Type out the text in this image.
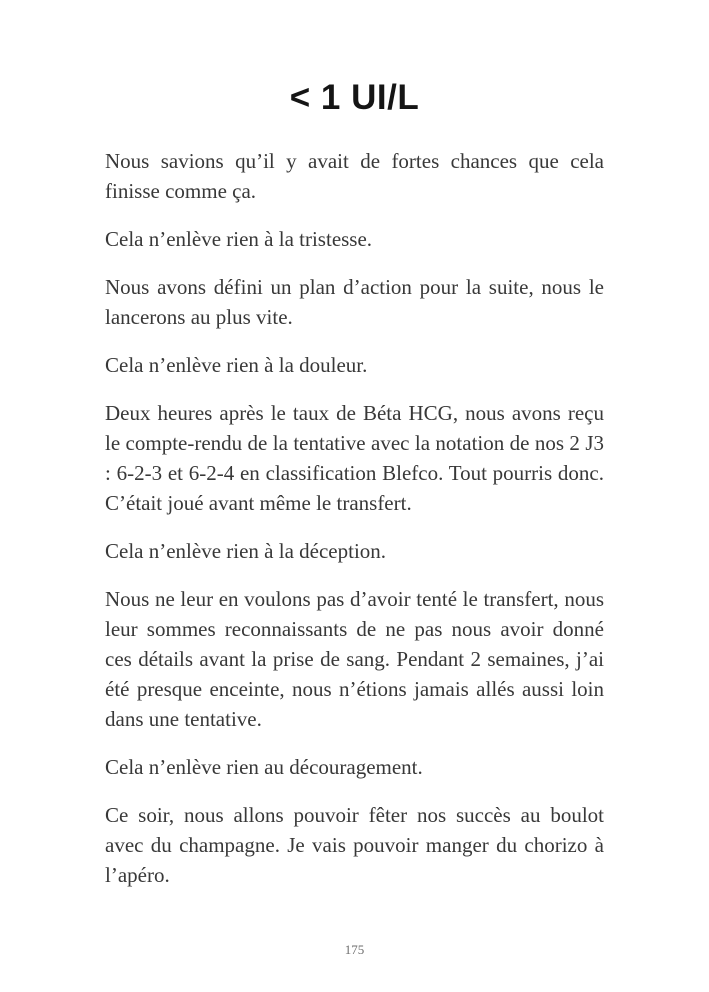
< 1 UI/L

Nous savions qu’il y avait de fortes chances que cela finisse comme ça.

Cela n’enlève rien à la tristesse.

Nous avons défini un plan d’action pour la suite, nous le lancerons au plus vite.

Cela n’enlève rien à la douleur.

Deux heures après le taux de Béta HCG, nous avons reçu le compte-rendu de la tentative avec la notation de nos 2 J3 : 6-2-3 et 6-2-4 en classification Blefco. Tout pourris donc. C’était joué avant même le transfert.

Cela n’enlève rien à la déception.

Nous ne leur en voulons pas d’avoir tenté le transfert, nous leur sommes reconnaissants de ne pas nous avoir donné ces détails avant la prise de sang. Pendant 2 semaines, j’ai été presque enceinte, nous n’étions jamais allés aussi loin dans une tentative.

Cela n’enlève rien au découragement.

Ce soir, nous allons pouvoir fêter nos succès au boulot avec du champagne. Je vais pouvoir manger du chorizo à l’apéro.

175
